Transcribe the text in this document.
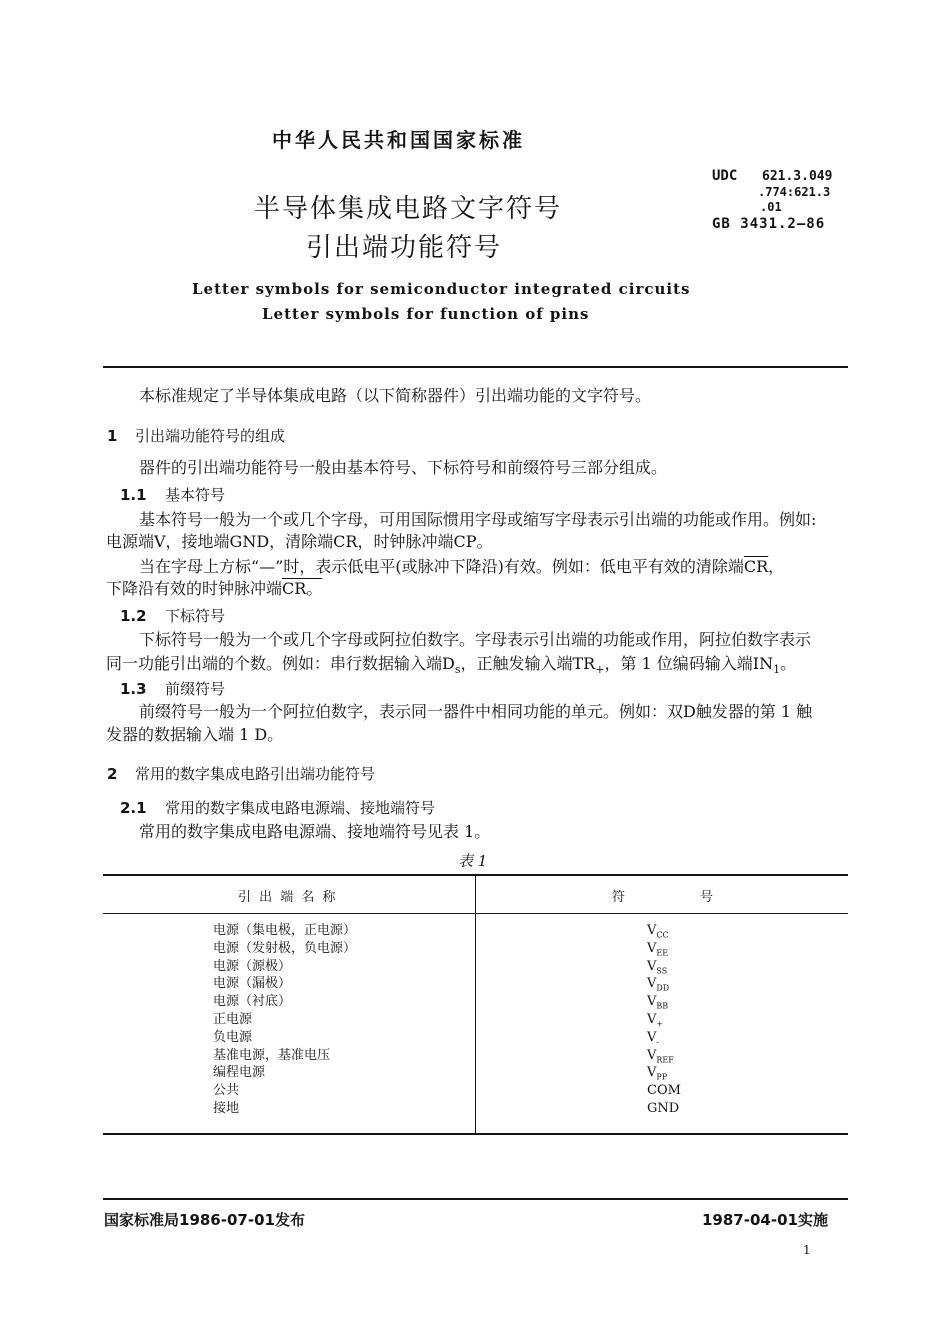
中华人民共和国国家标准
半导体集成电路文字符号
引出端功能符号
Letter symbols for semiconductor integrated circuits
Letter symbols for function of pins
UDC 621.3.049
.774:621.3
.01
GB 3431.2—86
本标准规定了半导体集成电路（以下简称器件）引出端功能的文字符号。
1 引出端功能符号的组成
器件的引出端功能符号一般由基本符号、下标符号和前缀符号三部分组成。
1.1 基本符号
基本符号一般为一个或几个字母，可用国际惯用字母或缩写字母表示引出端的功能或作用。例如:
电源端V，接地端GND，清除端CR，时钟脉冲端CP。
当在字母上方标“—”时，表示低电平(或脉冲下降沿)有效。例如：低电平有效的清除端$\overline{CR}$，
下降沿有效的时钟脉冲端CR。
1.2 下标符号
下标符号一般为一个或几个字母或阿拉伯数字。字母表示引出端的功能或作用，阿拉伯数字表示
同一功能引出端的个数。例如：串行数据输入端$D_s$，正触发输入端$TR_+$，第 1 位编码输入端$IN_1$。
1.3 前缀符号
前缀符号一般为一个阿拉伯数字，表示同一器件中相同功能的单元。例如：双D触发器的第 1 触
发器的数据输入端 1 D。
2 常用的数字集成电路引出端功能符号
2.1 常用的数字集成电路电源端、接地端符号
常用的数字集成电路电源端、接地端符号见表 1。
表 1
引 出 端 名 称	符	号
电源（集电极，正电源）	$V_{CC}$
电源（发射极，负电源）	$V_{EE}$
电源（源极）	$V_{SS}$
电源（漏极）	$V_{DD}$
电源（衬底）	$V_{BB}$
正电源	$V_+$
负电源	$V_-$
基准电源，基准电压	$V_{REF}$
编程电源	$V_{PP}$
公共	COM
接地	GND
国家标准局1986-07-01发布	1987-04-01实施
1
